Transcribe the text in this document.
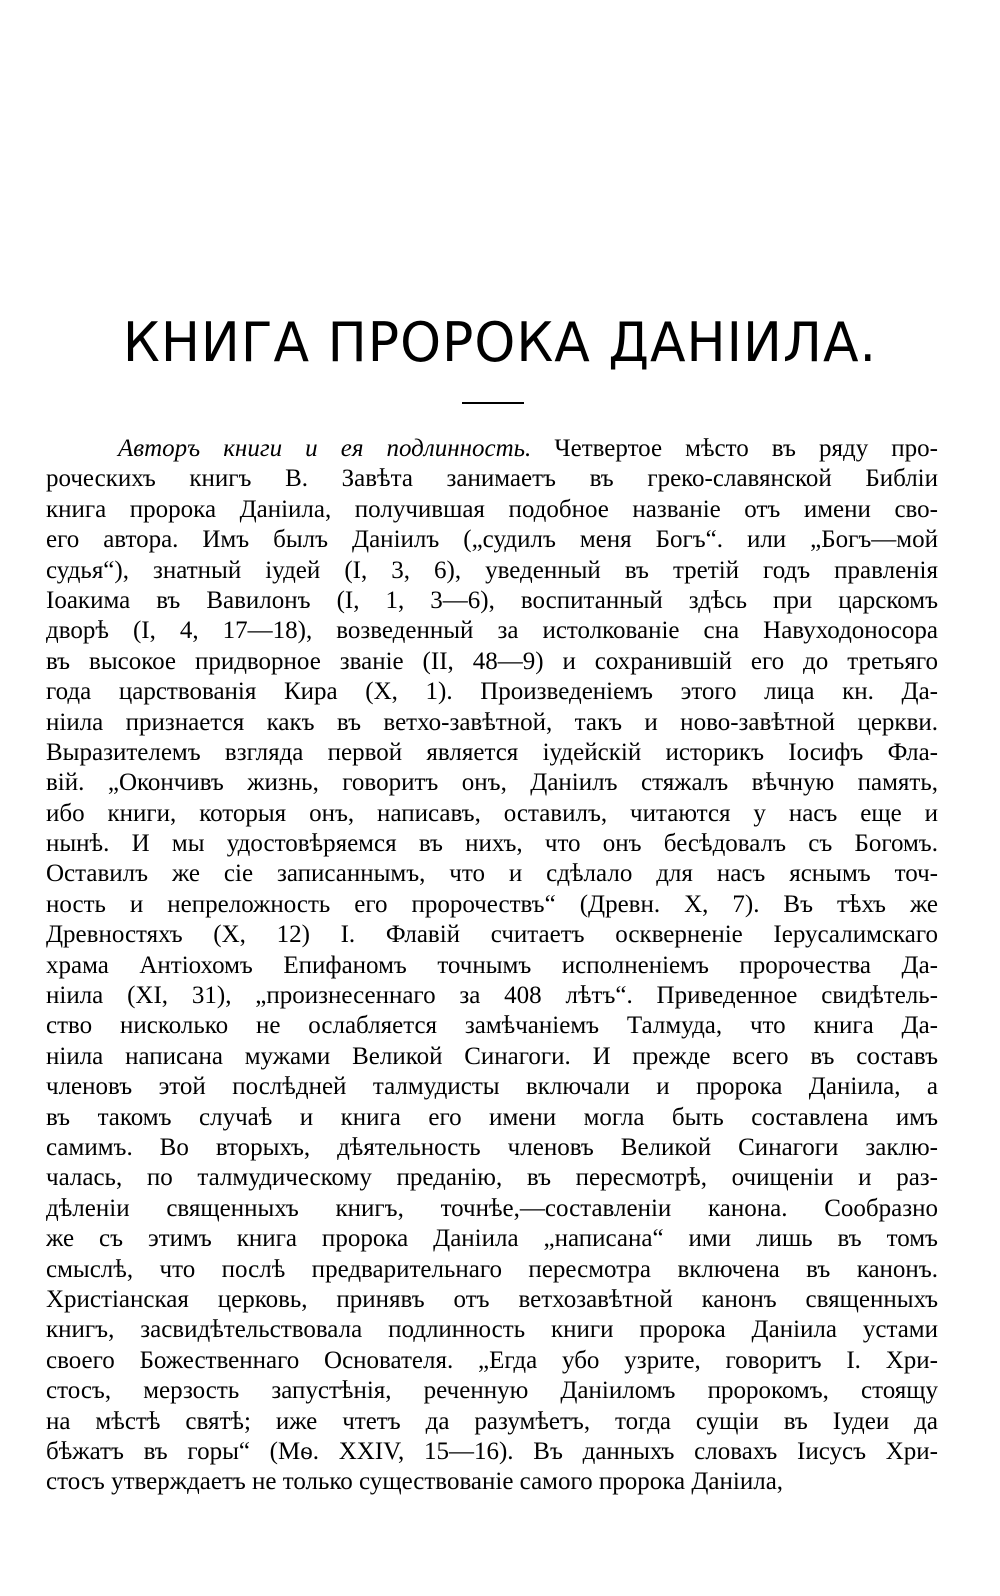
КНИГА ПРОРОКА ДАНІИЛА.
Авторъ книги и ея подлинность. Четвертое мѣсто въ ряду про-
роческихъ книгъ В. Завѣта занимаетъ въ греко-славянской Библіи
книга пророка Даніила, получившая подобное названіе отъ имени сво-
его автора. Имъ былъ Даніилъ („судилъ меня Богъ“. или „Богъ—мой
судья“), знатный іудей (I, 3, 6), уведенный въ третій годъ правленія
Іоакима въ Вавилонъ (I, 1, 3—6), воспитанный здѣсь при царскомъ
дворѣ (I, 4, 17—18), возведенный за истолкованіе сна Навуходоносора
въ высокое придворное званіе (II, 48—9) и сохранившій его до третьяго
года царствованія Кира (X, 1). Произведеніемъ этого лица кн. Да-
ніила признается какъ въ ветхо-завѣтной, такъ и ново-завѣтной церкви.
Выразителемъ взгляда первой является іудейскій историкъ Іосифъ Фла-
вій. „Окончивъ жизнь, говоритъ онъ, Даніилъ стяжалъ вѣчную память,
ибо книги, которыя онъ, написавъ, оставилъ, читаются у насъ еще и
нынѣ. И мы удостовѣряемся въ нихъ, что онъ бесѣдовалъ съ Богомъ.
Оставилъ же сіе записаннымъ, что и сдѣлало для насъ яснымъ точ-
ность и непреложность его пророчествъ“ (Древн. X, 7). Въ тѣхъ же
Древностяхъ (X, 12) I. Флавій считаетъ оскверненіе Іерусалимскаго
храма Антіохомъ Епифаномъ точнымъ исполненіемъ пророчества Да-
ніила (XI, 31), „произнесеннаго за 408 лѣтъ“. Приведенное свидѣтель-
ство нисколько не ослабляется замѣчаніемъ Талмуда, что книга Да-
ніила написана мужами Великой Синагоги. И прежде всего въ составъ
членовъ этой послѣдней талмудисты включали и пророка Даніила, а
въ такомъ случаѣ и книга его имени могла быть составлена имъ
самимъ. Во вторыхъ, дѣятельность членовъ Великой Синагоги заклю-
чалась, по талмудическому преданію, въ пересмотрѣ, очищеніи и раз-
дѣленіи священныхъ книгъ, точнѣе,—составленіи канона. Сообразно
же съ этимъ книга пророка Даніила „написана“ ими лишь въ томъ
смыслѣ, что послѣ предварительнаго пересмотра включена въ канонъ.
Христіанская церковь, принявъ отъ ветхозавѣтной канонъ священныхъ
книгъ, засвидѣтельствовала подлинность книги пророка Даніила устами
своего Божественнаго Основателя. „Егда убо узрите, говоритъ I. Хри-
стосъ, мерзость запустѣнія, реченную Даніиломъ пророкомъ, стоящу
на мѣстѣ святѣ; иже чтетъ да разумѣетъ, тогда сущіи въ Іудеи да
бѣжатъ въ горы“ (Мѳ. XXIV, 15—16). Въ данныхъ словахъ Іисусъ Хри-
стосъ утверждаетъ не только существованіе самого пророка Даніила,
